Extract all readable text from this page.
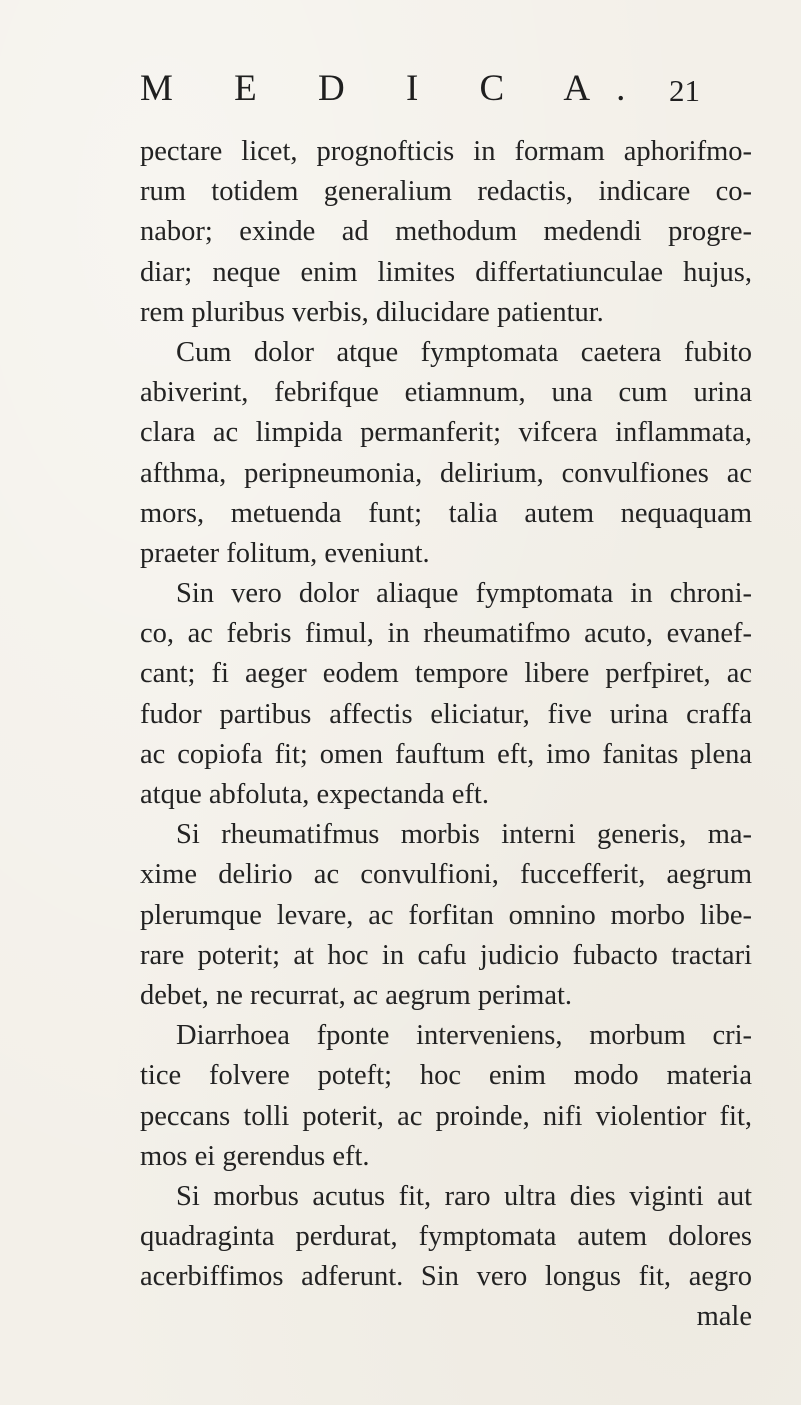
M E D I C A. 21
pectare licet, prognofticis in formam aphorifmo-
rum totidem generalium redactis, indicare co-
nabor; exinde ad methodum medendi progre-
diar; neque enim limites differtatiunculae hujus,
rem pluribus verbis, dilucidare patientur.
Cum dolor atque fymptomata caetera fubito
abiverint, febrifque etiamnum, una cum urina
clara ac limpida permanferit; vifcera inflammata,
afthma, peripneumonia, delirium, convulfiones ac
mors, metuenda funt; talia autem nequaquam
praeter folitum, eveniunt.
Sin vero dolor aliaque fymptomata in chroni-
co, ac febris fimul, in rheumatifmo acuto, evanef-
cant; fi aeger eodem tempore libere perfpiret, ac
fudor partibus affectis eliciatur, five urina craffa
ac copiofa fit; omen fauftum eft, imo fanitas plena
atque abfoluta, expectanda eft.
Si rheumatifmus morbis interni generis, ma-
xime delirio ac convulfioni, fuccefferit, aegrum
plerumque levare, ac forfitan omnino morbo libe-
rare poterit; at hoc in cafu judicio fubacto tractari
debet, ne recurrat, ac aegrum perimat.
Diarrhoea fponte interveniens, morbum cri-
tice folvere poteft; hoc enim modo materia
peccans tolli poterit, ac proinde, nifi violentior fit,
mos ei gerendus eft.
Si morbus acutus fit, raro ultra dies viginti aut
quadraginta perdurat, fymptomata autem dolores
acerbiffimos adferunt. Sin vero longus fit, aegro
male
